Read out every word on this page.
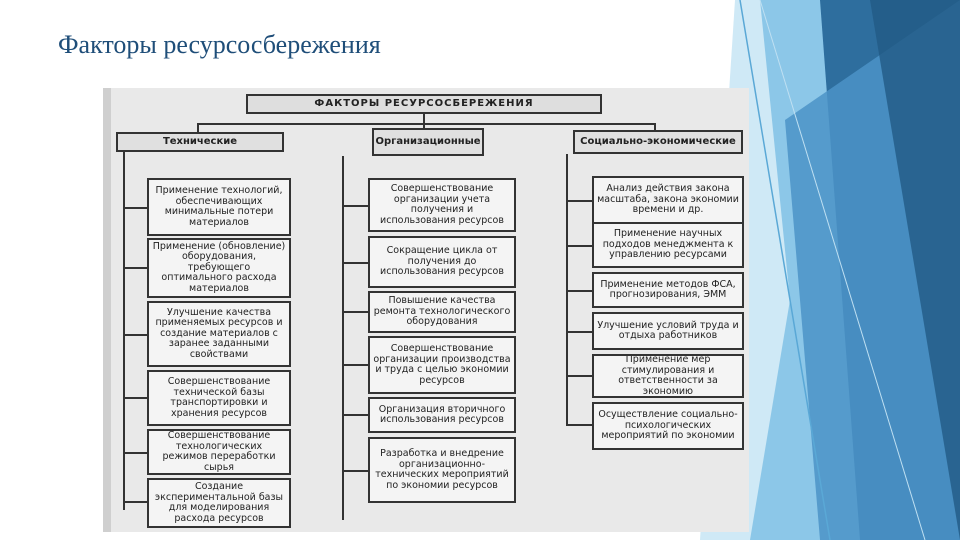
Факторы ресурсосбережения
ФАКТОРЫ РЕСУРСОСБЕРЕЖЕНИЯ
Технические	Организационные	Социально-экономические
Применение технологий, обеспечивающих минимальные потери материалов
Применение (обновление) оборудования, требующего оптимального расхода материалов
Улучшение качества применяемых ресурсов и создание материалов с заранее заданными свойствами
Совершенствование технической базы транспортировки и хранения ресурсов
Совершенствование технологических режимов переработки сырья
Создание экспериментальной базы для моделирования расхода ресурсов
Совершенствование организации учета получения и использования ресурсов
Сокращение цикла от получения до использования ресурсов
Повышение качества ремонта технологического оборудования
Совершенствование организации производства и труда с целью экономии ресурсов
Организация вторичного использования ресурсов
Разработка и внедрение организационно-технических мероприятий по экономии ресурсов
Анализ действия закона масштаба, закона экономии времени и др.
Применение научных подходов менеджмента к управлению ресурсами
Применение методов ФСА, прогнозирования, ЭММ
Улучшение условий труда и отдыха работников
Применение мер стимулирования и ответственности за экономию
Осуществление социально-психологических мероприятий по экономии
